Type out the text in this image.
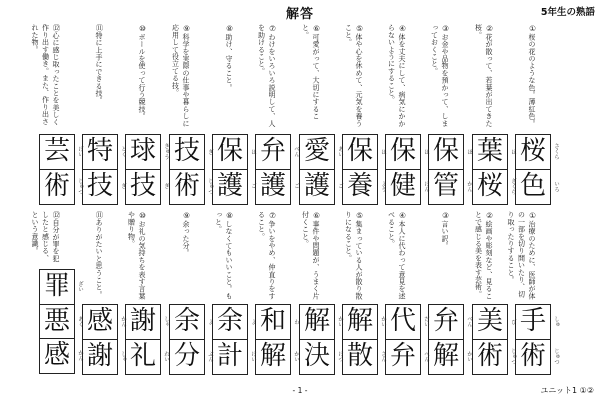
解答	5年生の熟語
①桜の花のような色。薄紅色。
②花が散って、若葉が出てきた桜。
③お金や品物を預かって、しまっておくこと。
④体を丈夫にして、病気にかからないようにすること。
⑤体や心を休めて、元気を養うこと。
⑥可愛がって、大切にすること。
⑦わけをいろいろ説明して、人を助けること。
⑧助け、守ること。
⑨科学を実際の仕事や暮らしに応用して役立てる技。
⑩ボールを使って行う競技。
⑪特に上手にできる技。
⑫心に感じ取ったことを美しく作り出す働き。また、作り出された物。
桜	さくら
色	いろ
葉	は
桜	ざくら
保	ほ
管	かん
保	ほ
健	けん
保	ほ
養	よう
愛	あい
護	ご
弁	べん
護	ご
保	ほ
護	ご
技	ぎ
術	じゅつ
球	きゅう
技	ぎ
特	とく
技	ぎ
芸	げい
術	じゅつ
①治療のために、医師が体の一部を切り開いたり、切り取ったりすること。
②絵画や彫刻など、見ることで感じる美を表す芸術。
③言い訳。
④本人に代わって意見を述べること。
⑤集まっている人が散り散りになること。
⑥事件や問題が、うまく片付くこと。
⑦争いをやめ、仲直りをすること。
⑧しなくてもいいこと。もっと。
⑨余った分。
⑩お礼の気持ちを表す言葉や贈り物。
⑪ありがたいと思うこと。
⑫自分が罪を犯したと感じる、という意識。
手	しゅ
術	じゅつ
美	び
術	じゅつ
弁	べん
解	かい
代	だい
弁	べん
解	かい
散	さん
解	かい
決	けつ
和	わ
解	かい
余	よ
計	けい
余	よ
分	ぶん
謝	しゃ
礼	れい
感	かん
謝	しゃ
罪	ざい
悪	あく
感	かん
- 1 -	ユニット1 ①②
